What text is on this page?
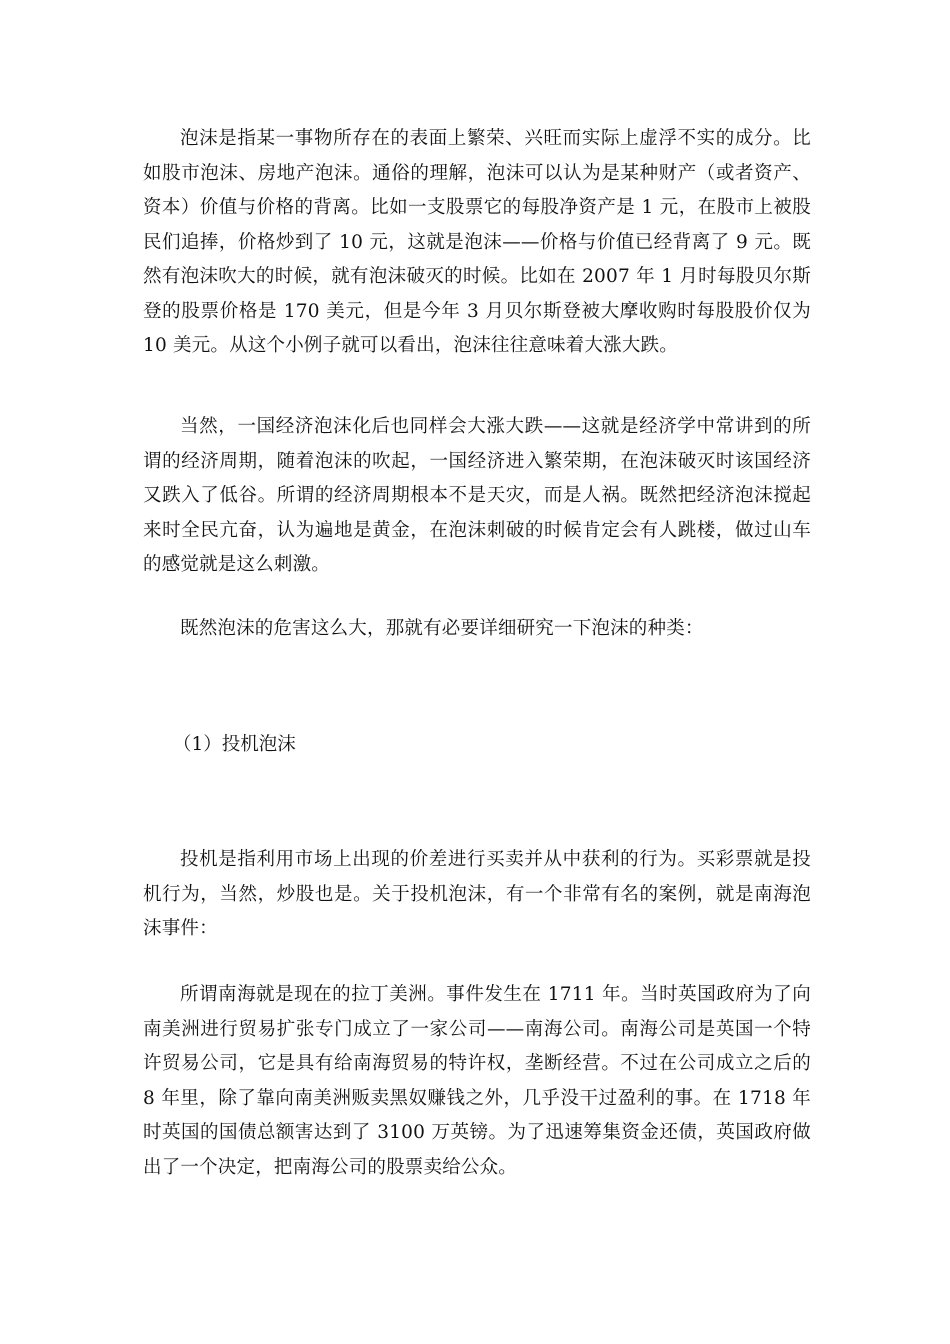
泡沫是指某一事物所存在的表面上繁荣、兴旺而实际上虚浮不实的成分。比如股市泡沫、房地产泡沫。通俗的理解，泡沫可以认为是某种财产（或者资产、资本）价值与价格的背离。比如一支股票它的每股净资产是 1 元，在股市上被股民们追捧，价格炒到了 10 元，这就是泡沫——价格与价值已经背离了 9 元。既然有泡沫吹大的时候，就有泡沫破灭的时候。比如在 2007 年 1 月时每股贝尔斯登的股票价格是 170 美元，但是今年 3 月贝尔斯登被大摩收购时每股股价仅为 10 美元。从这个小例子就可以看出，泡沫往往意味着大涨大跌。

当然，一国经济泡沫化后也同样会大涨大跌——这就是经济学中常讲到的所谓的经济周期，随着泡沫的吹起，一国经济进入繁荣期，在泡沫破灭时该国经济又跌入了低谷。所谓的经济周期根本不是天灾，而是人祸。既然把经济泡沫搅起来时全民亢奋，认为遍地是黄金，在泡沫刺破的时候肯定会有人跳楼，做过山车的感觉就是这么刺激。

既然泡沫的危害这么大，那就有必要详细研究一下泡沫的种类：

（1）投机泡沫

投机是指利用市场上出现的价差进行买卖并从中获利的行为。买彩票就是投机行为，当然，炒股也是。关于投机泡沫，有一个非常有名的案例，就是南海泡沫事件：

所谓南海就是现在的拉丁美洲。事件发生在 1711 年。当时英国政府为了向南美洲进行贸易扩张专门成立了一家公司——南海公司。南海公司是英国一个特许贸易公司，它是具有给南海贸易的特许权，垄断经营。不过在公司成立之后的 8 年里，除了靠向南美洲贩卖黑奴赚钱之外，几乎没干过盈利的事。在 1718 年时英国的国债总额害达到了 3100 万英镑。为了迅速筹集资金还债，英国政府做出了一个决定，把南海公司的股票卖给公众。
